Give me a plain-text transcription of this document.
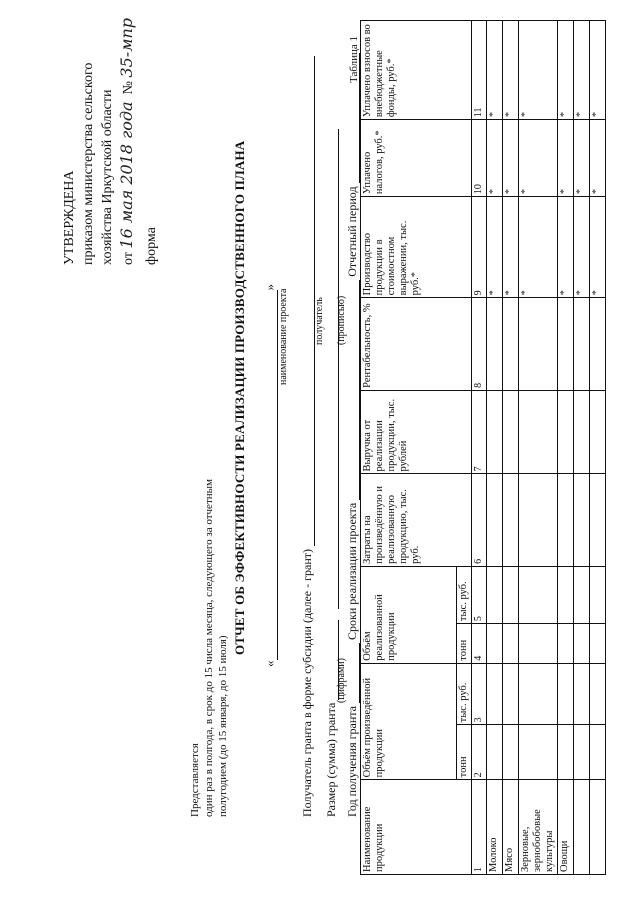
УТВЕРЖДЕНА приказом министерства сельского хозяйства Иркутской области от 16 мая 2018 года  № 35-мпр
форма	ОТЧЕТ ОБ ЭФФЕКТИВНОСТИ РЕАЛИЗАЦИИ ПРОИЗВОДСТВЕННОГО ПЛАНА
«»
наименование проекта
Получатель гранта в форме субсидии (далее - грант)
получатель
Размер (сумма) гранта
(цифрами)
(прописью)
Год получения гранта  Сроки реализации проекта  Отчетный период
Представляется один раз в полгода, в срок до 15 числа месяца, следующего за отчетным полугодием (до 15 января, до 15 июля)
Таблица 1
Наименование продукции	Объём произведённой продукции		Объём реализованной продукции		Затраты на произведённую и реализованную продукцию, тыс. руб.	Выручка от реализации продукции, тыс. рублей	Рентабельность, %	Производство продукции в стоимостном выражении, тыс. руб.*	Уплачено налогов, руб.*	Уплачено взносов во внебюджетные фонды, руб.*
	тонн	тыс. руб.	тонн	тыс. руб.						
1	2	3	4	5	6	7	8	9	10	11
Молоко								*	*	*
Мясо								*	*	*
Зерновые, зернобобовые культуры								*	*	*
Овощи								*	*	*
								*	*	*
								*	*	*
